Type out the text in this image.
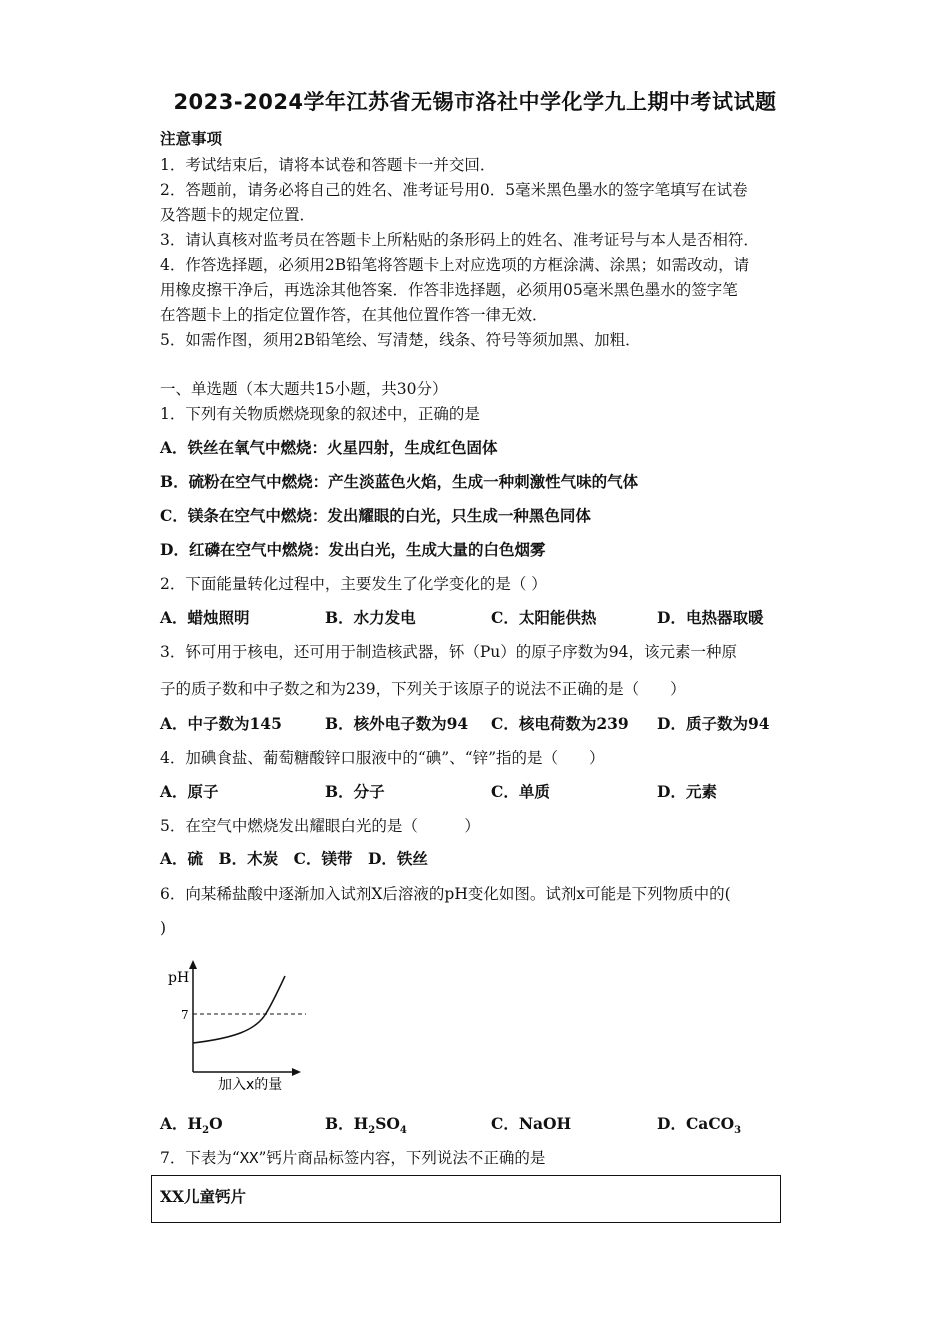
2023-2024学年江苏省无锡市洛社中学化学九上期中考试试题
注意事项
1．考试结束后，请将本试卷和答题卡一并交回．
2．答题前，请务必将自己的姓名、准考证号用0．5毫米黑色墨水的签字笔填写在试卷
及答题卡的规定位置．
3．请认真核对监考员在答题卡上所粘贴的条形码上的姓名、准考证号与本人是否相符．
4．作答选择题，必须用2B铅笔将答题卡上对应选项的方框涂满、涂黑；如需改动，请
用橡皮擦干净后，再选涂其他答案．作答非选择题，必须用05毫米黑色墨水的签字笔
在答题卡上的指定位置作答，在其他位置作答一律无效．
5．如需作图，须用2B铅笔绘、写清楚，线条、符号等须加黑、加粗．
一、单选题（本大题共15小题，共30分）
1．下列有关物质燃烧现象的叙述中，正确的是
A．铁丝在氧气中燃烧：火星四射，生成红色固体
B．硫粉在空气中燃烧：产生淡蓝色火焰，生成一种刺激性气味的气体
C．镁条在空气中燃烧：发出耀眼的白光，只生成一种黑色同体
D．红磷在空气中燃烧：发出白光，生成大量的白色烟雾
2．下面能量转化过程中，主要发生了化学变化的是（ ）
A．蜡烛照明	B．水力发电	C．太阳能供热	D．电热器取暖
3．钚可用于核电，还可用于制造核武器，钚（Pu）的原子序数为94，该元素一种原
子的质子数和中子数之和为239，下列关于该原子的说法不正确的是（　　）
A．中子数为145	B．核外电子数为94 C．核电荷数为239 D．质子数为94
4．加碘食盐、葡萄糖酸锌口服液中的“碘”、“锌”指的是（　　）
A．原子	B．分子	C．单质	D．元素
5．在空气中燃烧发出耀眼白光的是（　　　）
A．硫　B．木炭　C．镁带　D．铁丝
6．向某稀盐酸中逐渐加入试剂X后溶液的pH变化如图。试剂x可能是下列物质中的(
)
pH
7
加入x的量
A．$H_2O$	B．$H_2SO_4$	C．NaOH	D．CaCO$_3$
7．下表为“XX”钙片商品标签内容，下列说法不正确的是
XX儿童钙片
